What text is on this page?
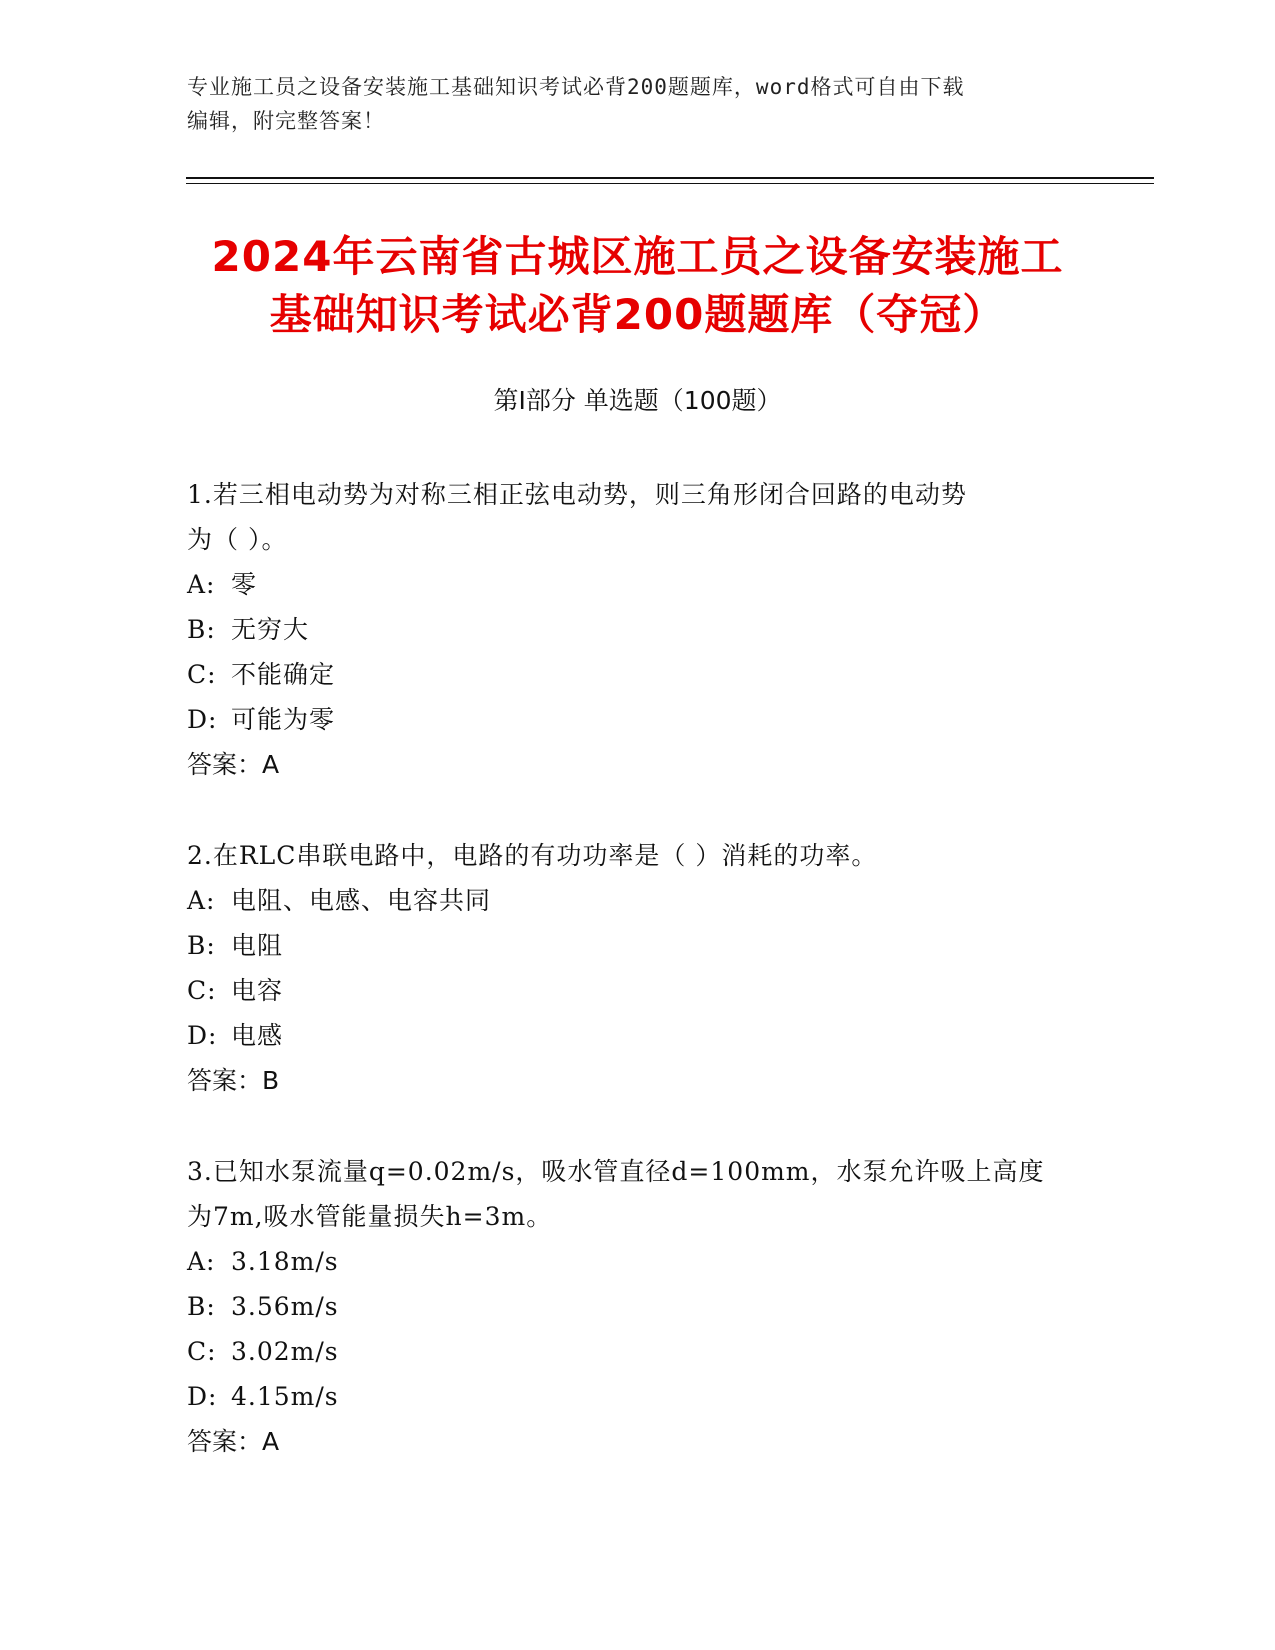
专业施工员之设备安装施工基础知识考试必背200题题库，word格式可自由下载
编辑，附完整答案！
2024年云南省古城区施工员之设备安装施工
基础知识考试必背200题题库（夺冠）
第Ⅰ部分 单选题（100题）
1.若三相电动势为对称三相正弦电动势，则三角形闭合回路的电动势
为（ ）。
A: 零
B: 无穷大
C: 不能确定
D: 可能为零
答案：A
2.在RLC串联电路中，电路的有功功率是（ ）消耗的功率。
A: 电阻、电感、电容共同
B: 电阻
C: 电容
D: 电感
答案：B
3.已知水泵流量q=0.02m/s，吸水管直径d=100mm，水泵允许吸上高度
为7m,吸水管能量损失h=3m。
A: 3.18m/s
B: 3.56m/s
C: 3.02m/s
D: 4.15m/s
答案：A
